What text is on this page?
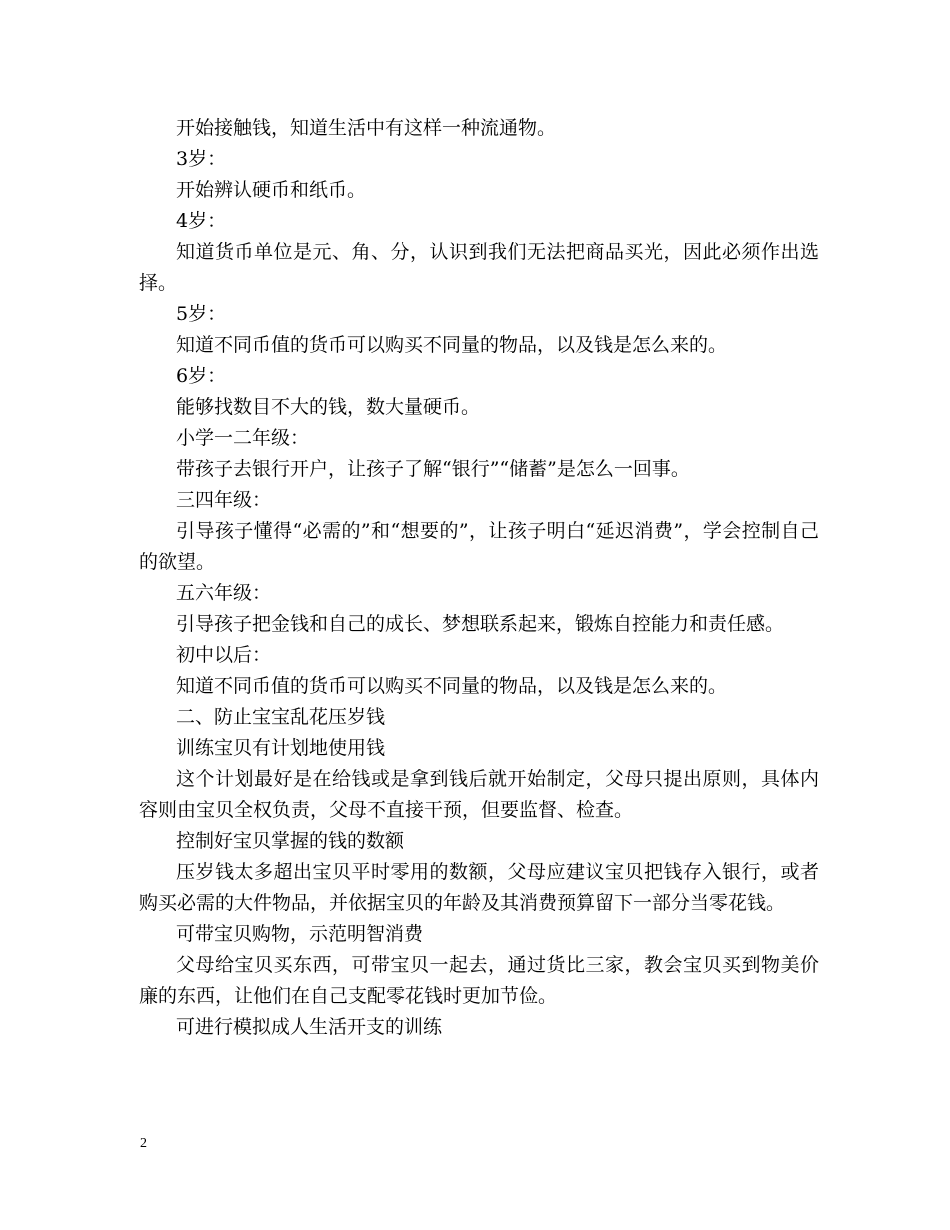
开始接触钱，知道生活中有这样一种流通物。

3岁：

开始辨认硬币和纸币。

4岁：

知道货币单位是元、角、分，认识到我们无法把商品买光，因此必须作出选择。

5岁：

知道不同币值的货币可以购买不同量的物品，以及钱是怎么来的。

6岁：

能够找数目不大的钱，数大量硬币。

小学一二年级：

带孩子去银行开户，让孩子了解“银行”“储蓄”是怎么一回事。

三四年级：

引导孩子懂得“必需的”和“想要的”，让孩子明白“延迟消费”，学会控制自己的欲望。

五六年级：

引导孩子把金钱和自己的成长、梦想联系起来，锻炼自控能力和责任感。

初中以后：

知道不同币值的货币可以购买不同量的物品，以及钱是怎么来的。

二、防止宝宝乱花压岁钱

训练宝贝有计划地使用钱

这个计划最好是在给钱或是拿到钱后就开始制定，父母只提出原则，具体内容则由宝贝全权负责，父母不直接干预，但要监督、检查。

控制好宝贝掌握的钱的数额

压岁钱太多超出宝贝平时零用的数额，父母应建议宝贝把钱存入银行，或者购买必需的大件物品，并依据宝贝的年龄及其消费预算留下一部分当零花钱。

可带宝贝购物，示范明智消费

父母给宝贝买东西，可带宝贝一起去，通过货比三家，教会宝贝买到物美价廉的东西，让他们在自己支配零花钱时更加节俭。

可进行模拟成人生活开支的训练

2
